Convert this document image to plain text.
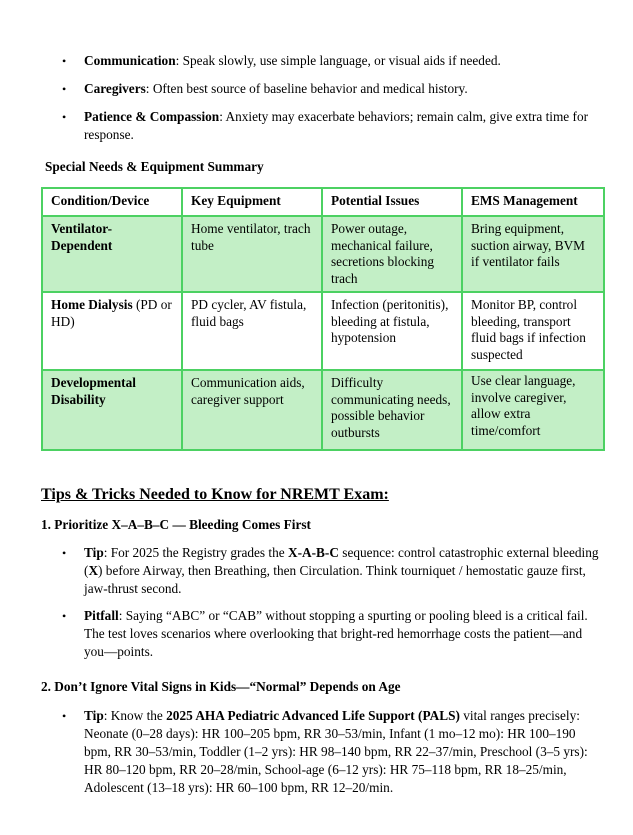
• Communication: Speak slowly, use simple language, or visual aids if needed.
• Caregivers: Often best source of baseline behavior and medical history.
• Patience & Compassion: Anxiety may exacerbate behaviors; remain calm, give extra time for response.
Special Needs & Equipment Summary
Condition/Device	Key Equipment	Potential Issues	EMS Management
Ventilator-Dependent	Home ventilator, trach tube	Power outage, mechanical failure, secretions blocking trach	Bring equipment, suction airway, BVM if ventilator fails
Home Dialysis (PD or HD)	PD cycler, AV fistula, fluid bags	Infection (peritonitis), bleeding at fistula, hypotension	Monitor BP, control bleeding, transport fluid bags if infection suspected
Developmental Disability	Communication aids, caregiver support	Difficulty communicating needs, possible behavior outbursts	Use clear language, involve caregiver, allow extra time/comfort
Tips & Tricks Needed to Know for NREMT Exam:
1. Prioritize X–A–B–C — Bleeding Comes First
• Tip: For 2025 the Registry grades the X-A-B-C sequence: control catastrophic external bleeding (X) before Airway, then Breathing, then Circulation. Think tourniquet / hemostatic gauze first, jaw-thrust second.
• Pitfall: Saying “ABC” or “CAB” without stopping a spurting or pooling bleed is a critical fail. The test loves scenarios where overlooking that bright-red hemorrhage costs the patient—and you—points.
2. Don’t Ignore Vital Signs in Kids—“Normal” Depends on Age
• Tip: Know the 2025 AHA Pediatric Advanced Life Support (PALS) vital ranges precisely: Neonate (0–28 days): HR 100–205 bpm, RR 30–53/min, Infant (1 mo–12 mo): HR 100–190 bpm, RR 30–53/min, Toddler (1–2 yrs): HR 98–140 bpm, RR 22–37/min, Preschool (3–5 yrs): HR 80–120 bpm, RR 20–28/min, School-age (6–12 yrs): HR 75–118 bpm, RR 18–25/min, Adolescent (13–18 yrs): HR 60–100 bpm, RR 12–20/min.
